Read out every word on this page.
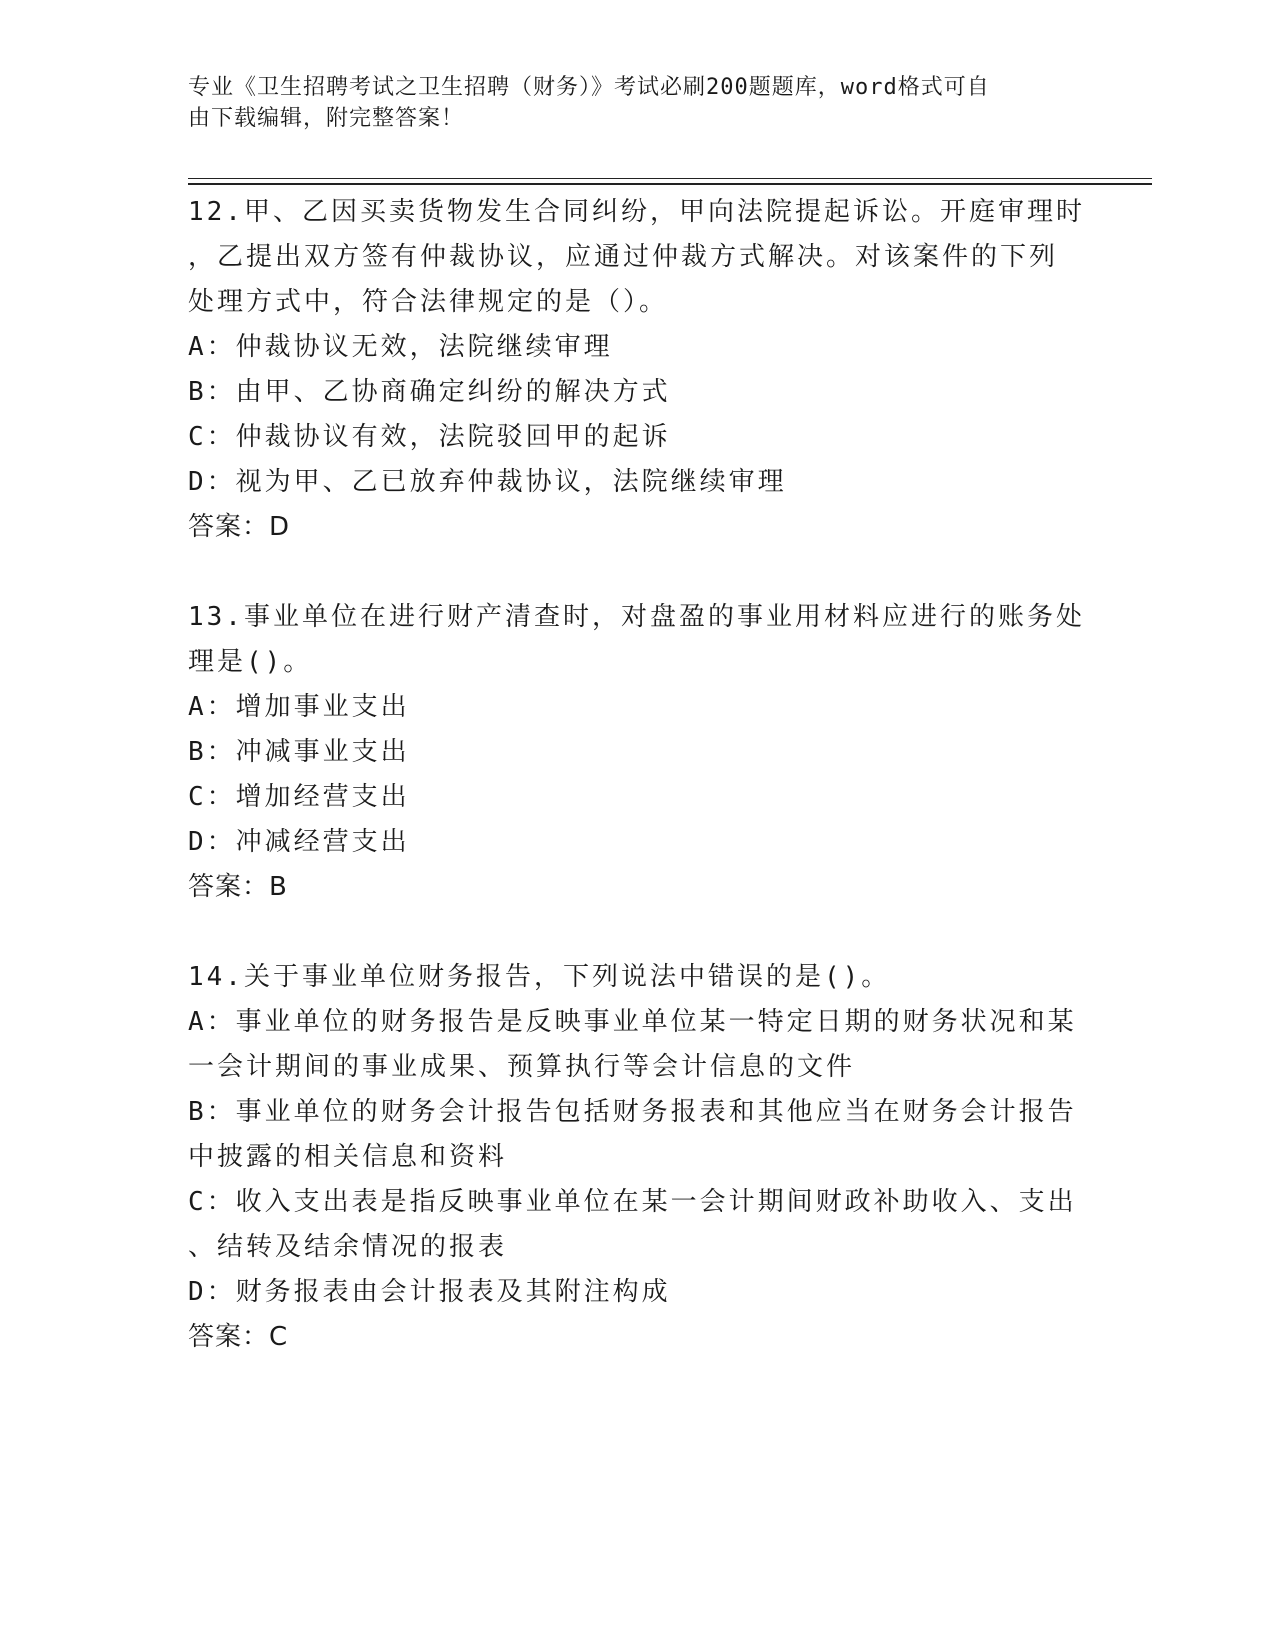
专业《卫生招聘考试之卫生招聘（财务）》考试必刷200题题库，word格式可自
由下载编辑，附完整答案！
12.甲、乙因买卖货物发生合同纠纷，甲向法院提起诉讼。开庭审理时
，乙提出双方签有仲裁协议，应通过仲裁方式解决。对该案件的下列
处理方式中，符合法律规定的是（）。
A：仲裁协议无效，法院继续审理
B：由甲、乙协商确定纠纷的解决方式
C：仲裁协议有效，法院驳回甲的起诉
D：视为甲、乙已放弃仲裁协议，法院继续审理
答案：D
13.事业单位在进行财产清查时，对盘盈的事业用材料应进行的账务处
理是()。
A：增加事业支出
B：冲减事业支出
C：增加经营支出
D：冲减经营支出
答案：B
14.关于事业单位财务报告，下列说法中错误的是()。
A：事业单位的财务报告是反映事业单位某一特定日期的财务状况和某
一会计期间的事业成果、预算执行等会计信息的文件
B：事业单位的财务会计报告包括财务报表和其他应当在财务会计报告
中披露的相关信息和资料
C：收入支出表是指反映事业单位在某一会计期间财政补助收入、支出
、结转及结余情况的报表
D：财务报表由会计报表及其附注构成
答案：C
